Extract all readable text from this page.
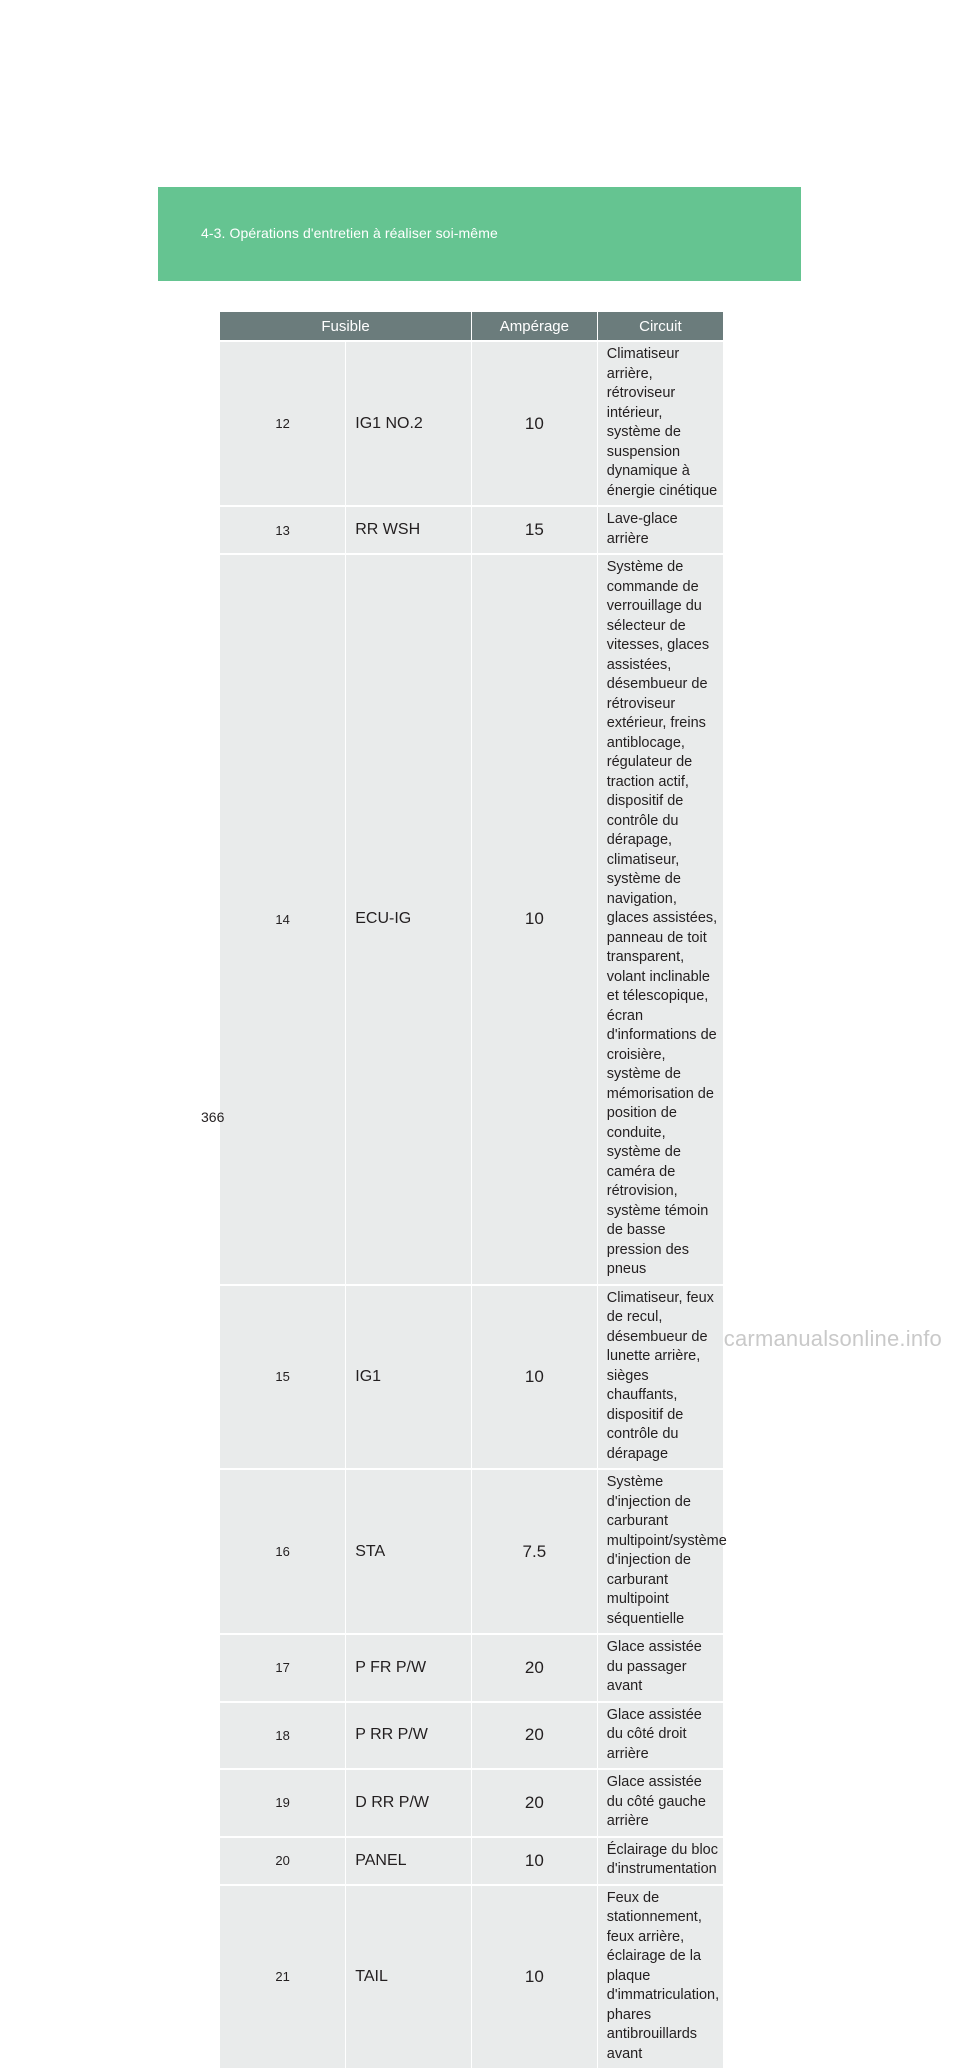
4-3. Opérations d'entretien à réaliser soi-même
Fusible		Ampérage	Circuit
12	IG1 NO.2	10	Climatiseur arrière, rétroviseur intérieur, système de suspension dynamique à énergie cinétique
13	RR WSH	15	Lave-glace arrière
14	ECU-IG	10	Système de commande de verrouillage du sélecteur de vitesses, glaces assistées, désembueur de rétroviseur extérieur, freins antiblocage, régulateur de traction actif, dispositif de contrôle du dérapage, climatiseur, système de navigation, glaces assistées, panneau de toit transparent, volant inclinable et télescopique, écran d'informations de croisière, système de mémorisation de position de conduite, système de caméra de rétrovision, système témoin de basse pression des pneus
15	IG1	10	Climatiseur, feux de recul, désembueur de lunette arrière, sièges chauffants, dispositif de contrôle du dérapage
16	STA	7.5	Système d'injection de carburant multipoint/système d'injection de carburant multipoint séquentielle
17	P FR P/W	20	Glace assistée du passager avant
18	P RR P/W	20	Glace assistée du côté droit arrière
19	D RR P/W	20	Glace assistée du côté gauche arrière
20	PANEL	10	Éclairage du bloc d'instrumentation
21	TAIL	10	Feux de stationnement, feux arrière, éclairage de la plaque d'immatriculation, phares antibrouillards avant
366
carmanualsonline.info
